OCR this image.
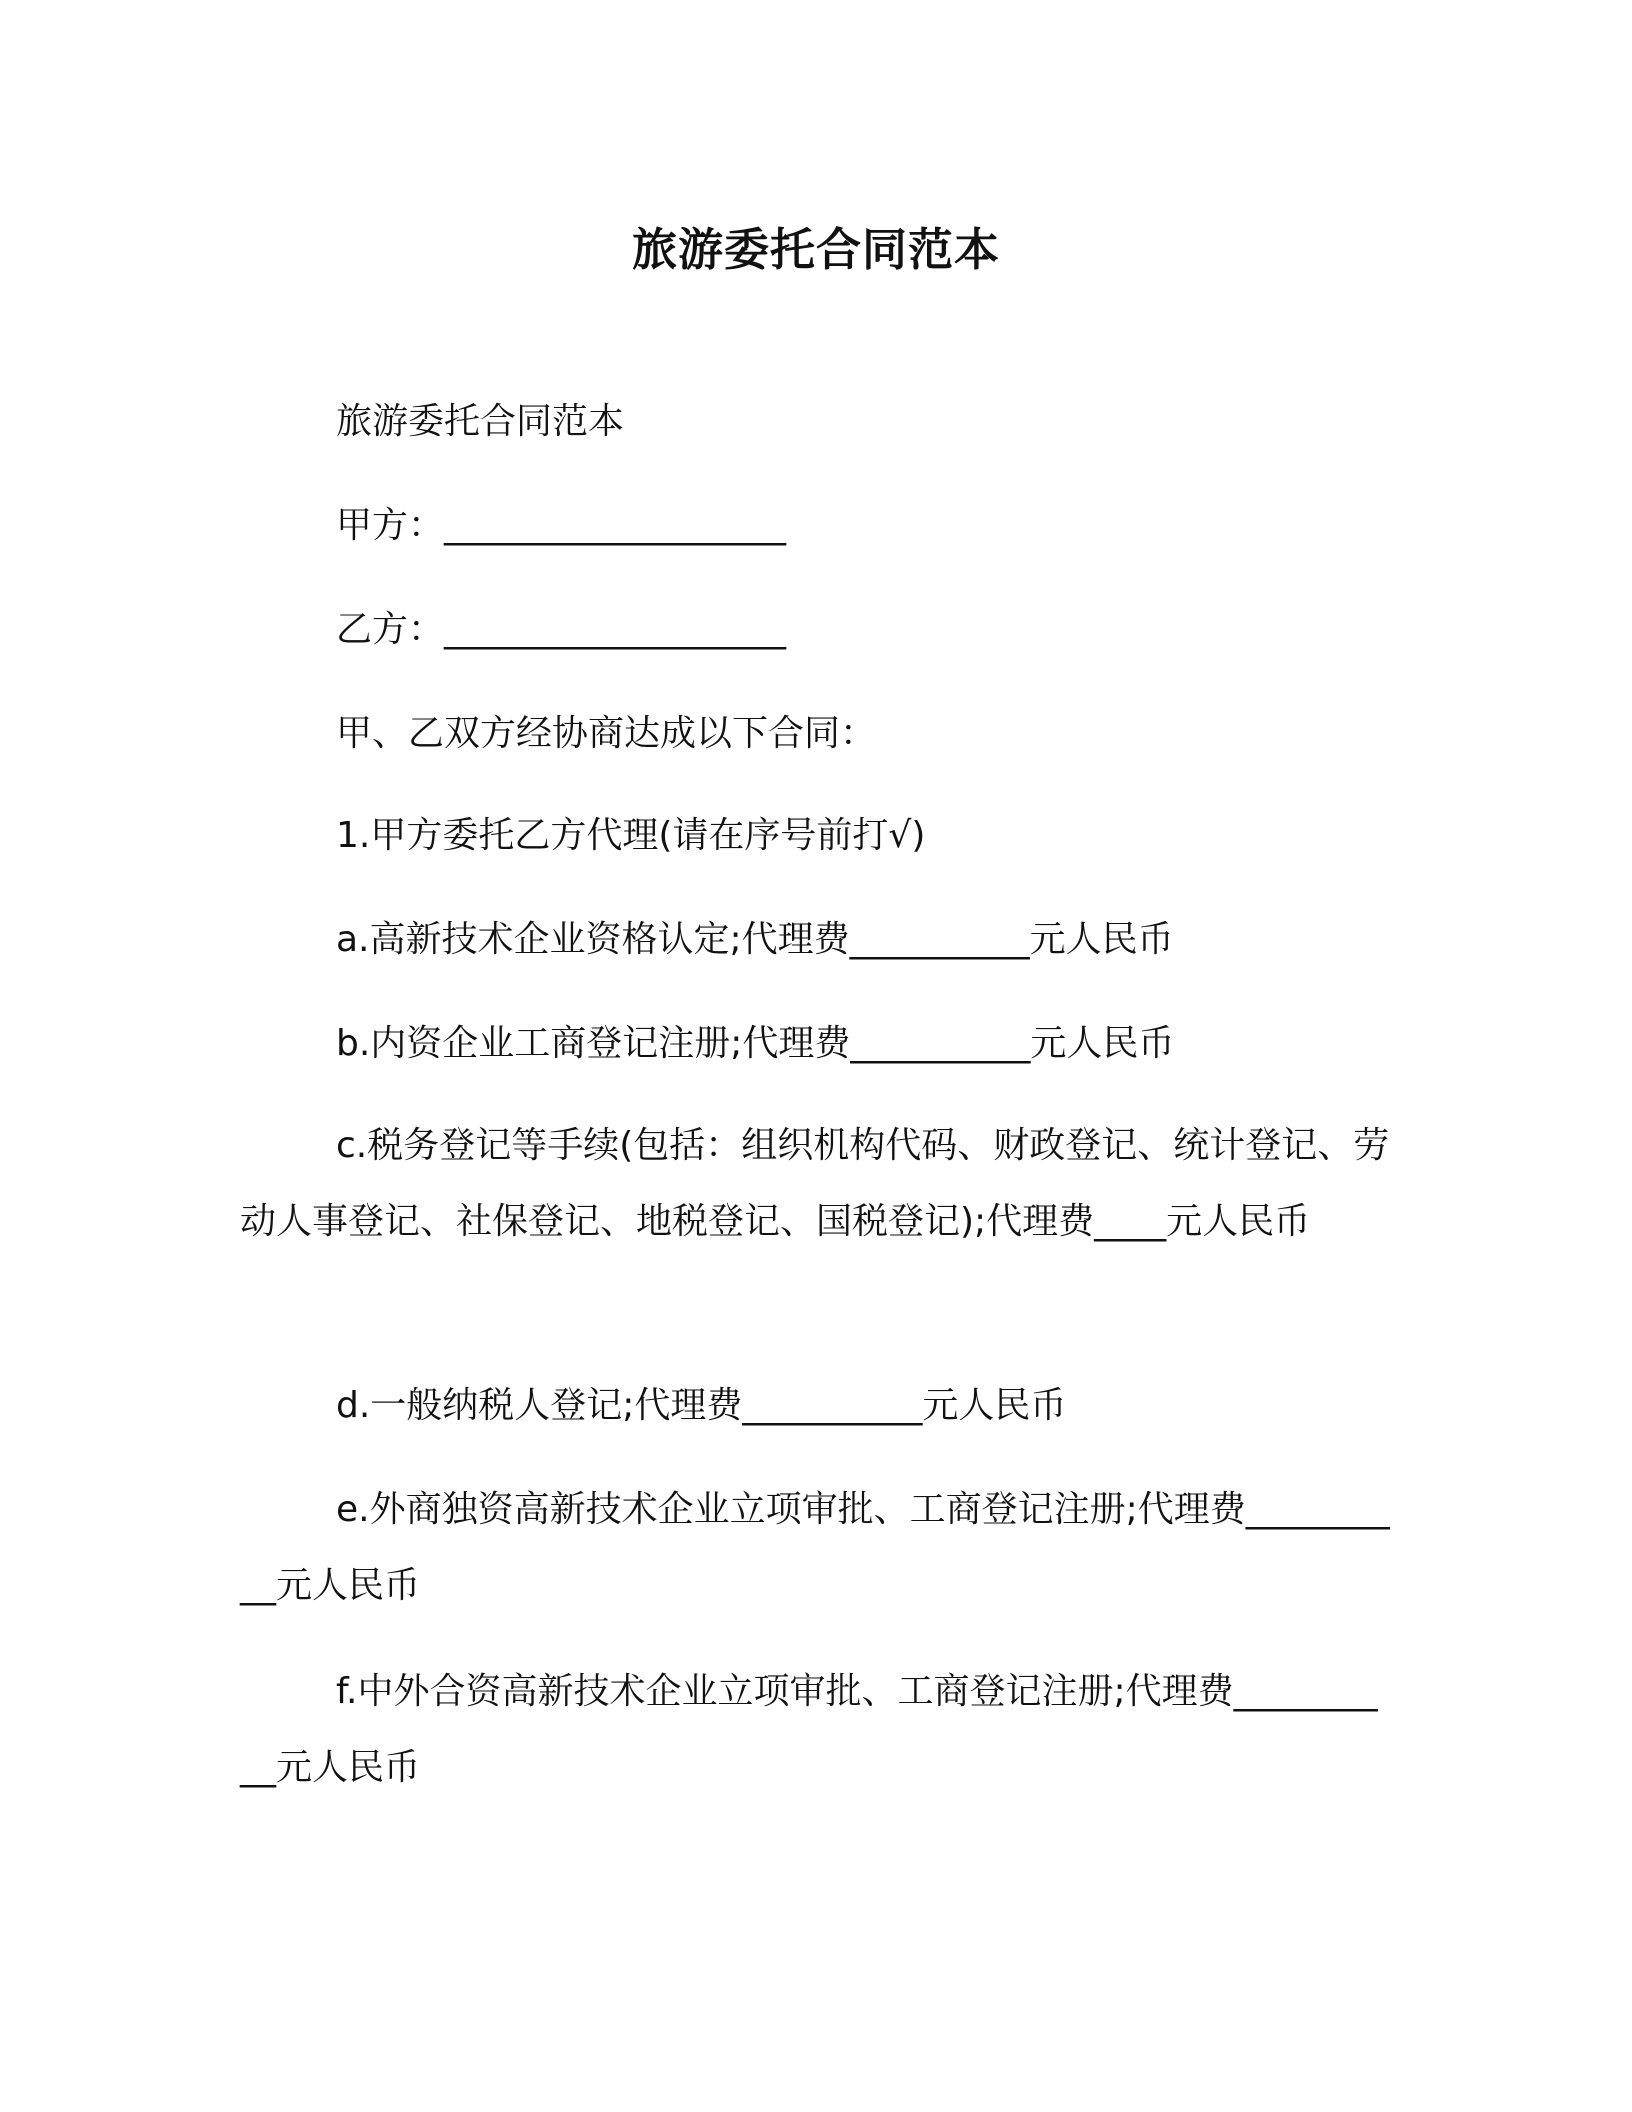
旅游委托合同范本
旅游委托合同范本
甲方：___________________
乙方：___________________
甲、乙双方经协商达成以下合同：
1.甲方委托乙方代理(请在序号前打√)
a.高新技术企业资格认定;代理费__________元人民币
b.内资企业工商登记注册;代理费__________元人民币
c.税务登记等手续(包括：组织机构代码、财政登记、统计登记、劳动人事登记、社保登记、地税登记、国税登记);代理费____元人民币
d.一般纳税人登记;代理费__________元人民币
e.外商独资高新技术企业立项审批、工商登记注册;代理费__________元人民币
f.中外合资高新技术企业立项审批、工商登记注册;代理费__________元人民币
